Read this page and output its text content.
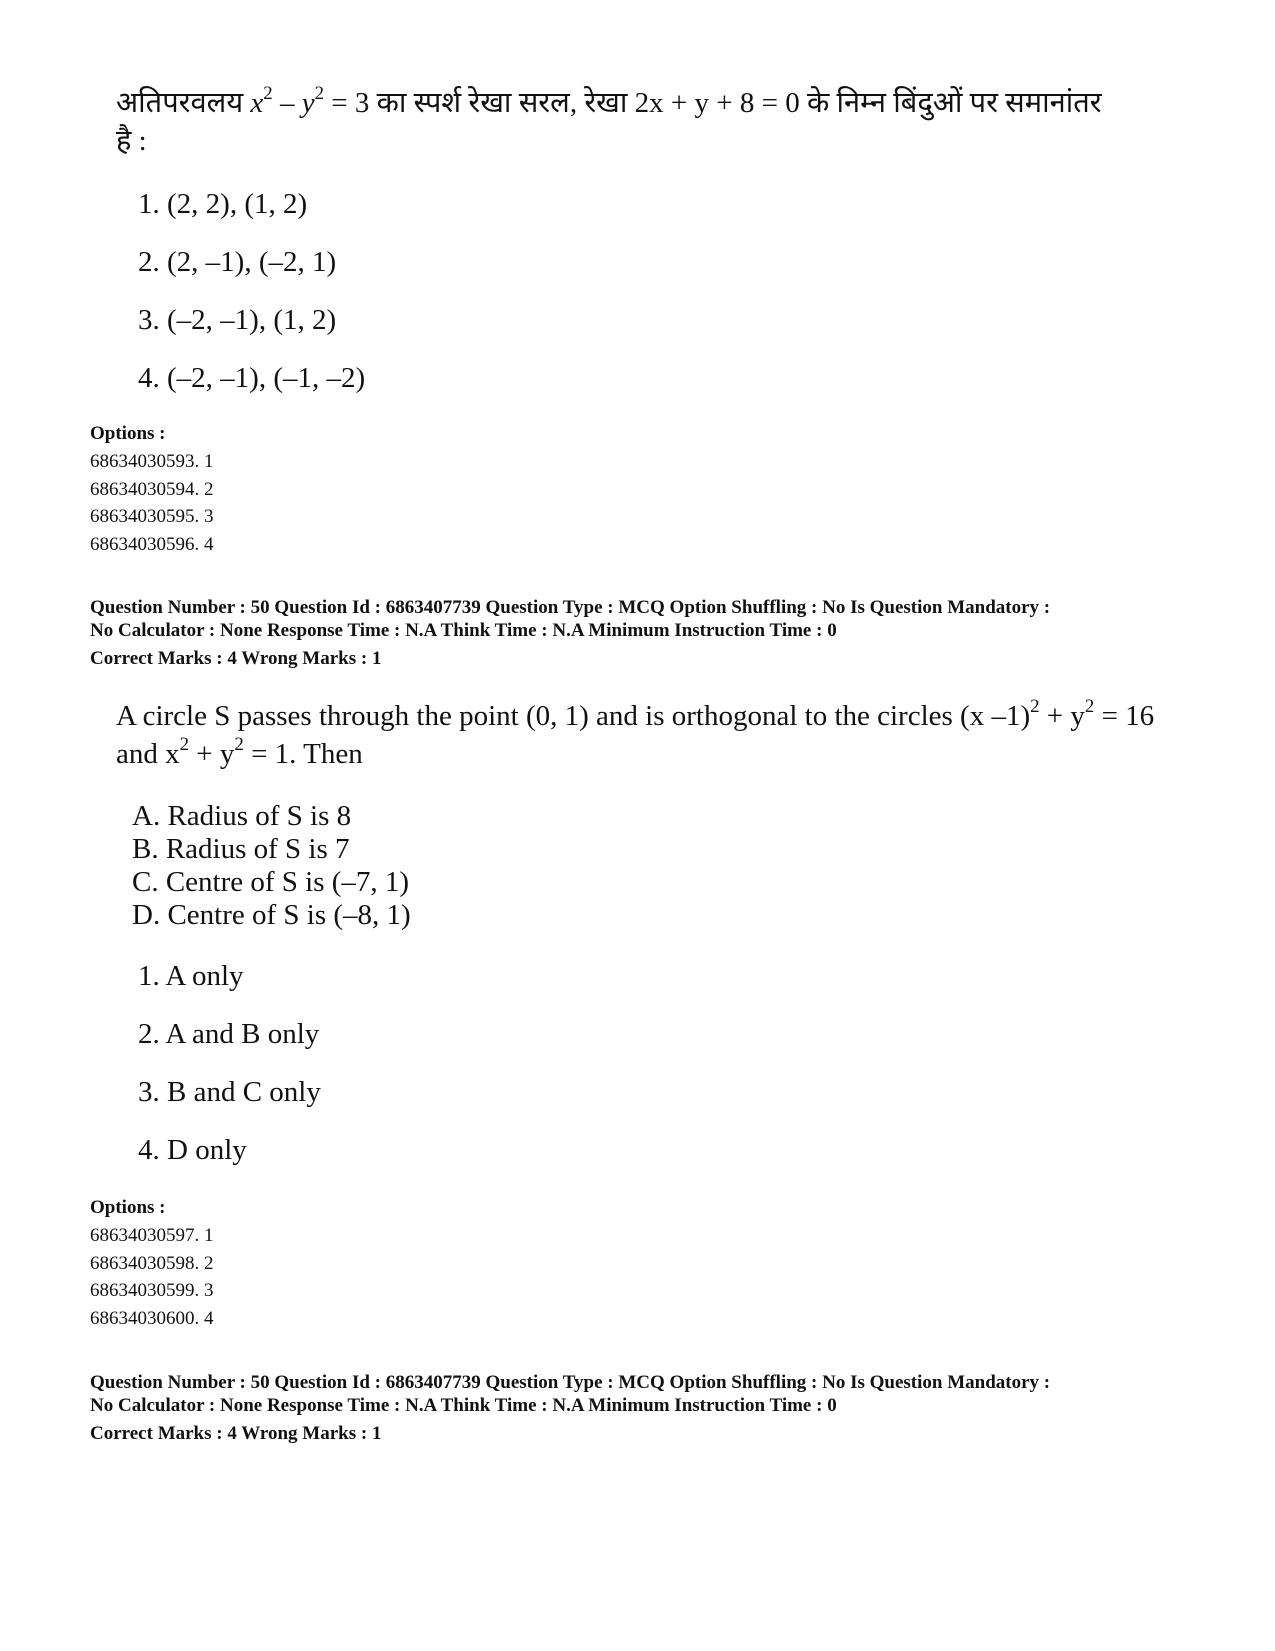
अतिपरवलय $x^2 - y^2 = 3$ का स्पर्श रेखा सरल, रेखा 2x + y + 8 = 0 के निम्न बिंदुओं पर समानांतर
है :
1. (2, 2), (1, 2)
2. (2, –1), (–2, 1)
3. (–2, –1), (1, 2)
4. (–2, –1), (–1, –2)
Options :
68634030593. 1
68634030594. 2
68634030595. 3
68634030596. 4
Question Number : 50 Question Id : 6863407739 Question Type : MCQ Option Shuffling : No Is Question Mandatory :
No Calculator : None Response Time : N.A Think Time : N.A Minimum Instruction Time : 0
Correct Marks : 4 Wrong Marks : 1
A circle S passes through the point (0, 1) and is orthogonal to the circles (x $-1)^2 + y^2 = 16$
and $x^2 + y^2 = 1$. Then
A. Radius of S is 8
B. Radius of S is 7
C. Centre of S is (–7, 1)
D. Centre of S is (–8, 1)
1. A only
2. A and B only
3. B and C only
4. D only
Options :
68634030597. 1
68634030598. 2
68634030599. 3
68634030600. 4
Question Number : 50 Question Id : 6863407739 Question Type : MCQ Option Shuffling : No Is Question Mandatory :
No Calculator : None Response Time : N.A Think Time : N.A Minimum Instruction Time : 0
Correct Marks : 4 Wrong Marks : 1
